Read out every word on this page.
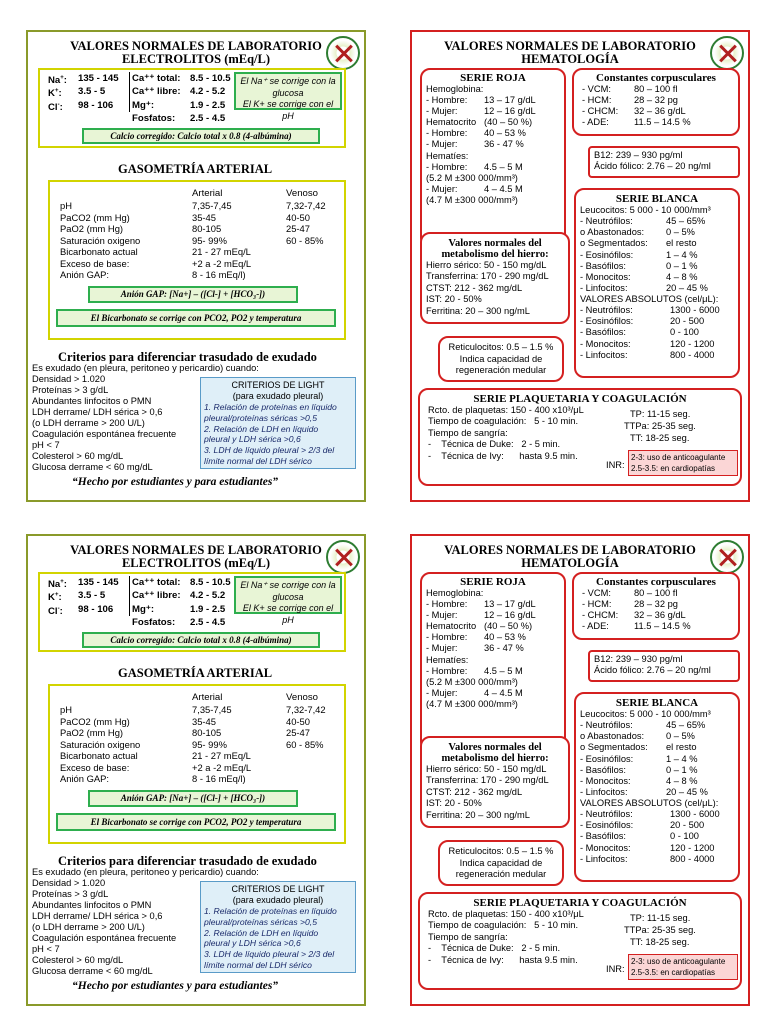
VALORES NORMALES DE LABORATORIO
ELECTROLITOS (mEq/L)
Na+: 135 - 145
K+: 3.5 - 5
Cl-: 98 - 106
Ca⁺⁺ total: 8.5 - 10.5
Ca⁺⁺ libre: 4.2 - 5.2
Mg⁺:	1.9 - 2.5
Fosfatos: 2.5 - 4.5
El Na⁺ se corrige con la glucosa
El K+ se corrige con el pH
Calcio corregido: Calcio total x 0.8 (4-albúmina)
GASOMETRÍA ARTERIAL
Arterial	Venoso
pH	7,35-7,45	7,32-7,42
PaCO2 (mm Hg)	35-45	40-50
PaO2 (mm Hg)	80-105	25-47
Saturación oxigeno	95- 99%	60 - 85%
Bicarbonato actual	21 - 27 mEq/L
Exceso de base:	+2 a -2 mEq/L
Anión GAP:	8 - 16 mEq/l)
Anión GAP: [Na+] – ([Cl-] + [HCO₃-])
El Bicarbonato se corrige con PCO2, PO2 y temperatura
Criterios para diferenciar trasudado de exudado
Es exudado (en pleura, peritoneo y pericardio) cuando:
Densidad > 1.020
Proteínas > 3 g/dL
Abundantes linfocitos o PMN
LDH derrame/ LDH sérica > 0,6
(o LDH derrame > 200 U/L)
Coagulación espontánea frecuente
pH < 7
Colesterol > 60 mg/dL
Glucosa derrame < 60 mg/dL
CRITERIOS DE LIGHT
(para exudado pleural)
1. Relación de proteínas en líquido
pleural/proteínas séricas >0,5
2. Relación de LDH en líquido
pleural y LDH sérica >0,6
3. LDH de líquido pleural > 2/3 del
límite normal del LDH sérico
VALORES NORMALES DE LABORATORIO
HEMATOLOGÍA
SERIE ROJA
Hemoglobina:
- Hombre:	13 – 17 g/dL
- Mujer:	12 – 16 g/dL
Hematocrito (40 – 50 %)
- Hombre:	40 – 53 %
- Mujer:	36 - 47 %
Hematíes:
- Hombre:	4.5 – 5 M
(5.2 M ±300 000/mm³)
- Mujer:	4 – 4.5 M
(4.7 M ±300 000/mm³)
Constantes corpusculares
- VCM:	80 – 100 fl
- HCM:	28 – 32 pg
- CHCM:	32 – 36 g/dL
- ADE:	11.5 – 14.5 %
B12: 239 – 930 pg/ml
Ácido fólico: 2.76 – 20 ng/ml
Valores normales del
metabolismo del hierro:
Hierro sérico: 50 - 150 mg/dL
Transferrina: 170 - 290 mg/dL
CTST: 212 - 362 mg/dL
IST: 20 - 50%
Ferritina: 20 – 300 ng/mL
SERIE BLANCA
Leucocitos: 5 000 - 10 000/mm³
- Neutrófilos:	45 – 65%
o Abastonados:	0 – 5%
o Segmentados:	el resto
- Eosinófilos:	1 – 4 %
- Basófilos:	0 – 1 %
- Monocitos:	4 – 8 %
- Linfocitos:	20 – 45 %
VALORES ABSOLUTOS (cel/μL):
- Neutrófilos:	1300 - 6000
- Eosinófilos:	20 - 500
- Basófilos:	0 - 100
- Monocitos:	120 - 1200
- Linfocitos:	800 - 4000
Reticulocitos: 0.5 – 1.5 %
Indica capacidad de
regeneración medular
SERIE PLAQUETARIA Y COAGULACIÓN
Rcto. de plaquetas: 150 - 400 x10³/μL
Tiempo de coagulación:   5 - 10 min.
Tiempo de sangría:
-    Técnica de Duke:   2 - 5 min.
-    Técnica de Ivy:      hasta 9.5 min.
TP: 11-15 seg.
TTPa: 25-35 seg.
TT: 18-25 seg.
INR:
2-3: uso de anticoagulante
2.5-3.5: en cardiopatías
VALORES NORMALES DE LABORATORIO
ELECTROLITOS (mEq/L)
Na+: 135 - 145
K+: 3.5 - 5
Cl-: 98 - 106
Ca⁺⁺ total: 8.5 - 10.5
Ca⁺⁺ libre: 4.2 - 5.2
Mg⁺:	1.9 - 2.5
Fosfatos: 2.5 - 4.5
El Na⁺ se corrige con la glucosa
El K+ se corrige con el pH
Calcio corregido: Calcio total x 0.8 (4-albúmina)
GASOMETRÍA ARTERIAL
Arterial	Venoso
pH	7,35-7,45	7,32-7,42
PaCO2 (mm Hg)	35-45	40-50
PaO2 (mm Hg)	80-105	25-47
Saturación oxigeno	95- 99%	60 - 85%
Bicarbonato actual	21 - 27 mEq/L
Exceso de base:	+2 a -2 mEq/L
Anión GAP:	8 - 16 mEq/l)
Anión GAP: [Na+] – ([Cl-] + [HCO₃-])
El Bicarbonato se corrige con PCO2, PO2 y temperatura
Criterios para diferenciar trasudado de exudado
Es exudado (en pleura, peritoneo y pericardio) cuando:
Densidad > 1.020
Proteínas > 3 g/dL
Abundantes linfocitos o PMN
LDH derrame/ LDH sérica > 0,6
(o LDH derrame > 200 U/L)
Coagulación espontánea frecuente
pH < 7
Colesterol > 60 mg/dL
Glucosa derrame < 60 mg/dL
CRITERIOS DE LIGHT
(para exudado pleural)
1. Relación de proteínas en líquido
pleural/proteínas séricas >0,5
2. Relación de LDH en líquido
pleural y LDH sérica >0,6
3. LDH de líquido pleural > 2/3 del
límite normal del LDH sérico
VALORES NORMALES DE LABORATORIO
HEMATOLOGÍA
SERIE ROJA
Hemoglobina:
- Hombre:	13 – 17 g/dL
- Mujer:	12 – 16 g/dL
Hematocrito (40 – 50 %)
- Hombre:	40 – 53 %
- Mujer:	36 - 47 %
Hematíes:
- Hombre:	4.5 – 5 M
(5.2 M ±300 000/mm³)
- Mujer:	4 – 4.5 M
(4.7 M ±300 000/mm³)
Constantes corpusculares
- VCM:	80 – 100 fl
- HCM:	28 – 32 pg
- CHCM:	32 – 36 g/dL
- ADE:	11.5 – 14.5 %
B12: 239 – 930 pg/ml
Ácido fólico: 2.76 – 20 ng/ml
Valores normales del
metabolismo del hierro:
Hierro sérico: 50 - 150 mg/dL
Transferrina: 170 - 290 mg/dL
CTST: 212 - 362 mg/dL
IST: 20 - 50%
Ferritina: 20 – 300 ng/mL
SERIE BLANCA
Leucocitos: 5 000 - 10 000/mm³
- Neutrófilos:	45 – 65%
o Abastonados:	0 – 5%
o Segmentados:	el resto
- Eosinófilos:	1 – 4 %
- Basófilos:	0 – 1 %
- Monocitos:	4 – 8 %
- Linfocitos:	20 – 45 %
VALORES ABSOLUTOS (cel/μL):
- Neutrófilos:	1300 - 6000
- Eosinófilos:	20 - 500
- Basófilos:	0 - 100
- Monocitos:	120 - 1200
- Linfocitos:	800 - 4000
Reticulocitos: 0.5 – 1.5 %
Indica capacidad de
regeneración medular
SERIE PLAQUETARIA Y COAGULACIÓN
Rcto. de plaquetas: 150 - 400 x10³/μL
Tiempo de coagulación:   5 - 10 min.
Tiempo de sangría:
-    Técnica de Duke:   2 - 5 min.
-    Técnica de Ivy:      hasta 9.5 min.
TP: 11-15 seg.
TTPa: 25-35 seg.
TT: 18-25 seg.
INR:
2-3: uso de anticoagulante
2.5-3.5: en cardiopatías
“Hecho por estudiantes y para estudiantes”
“Hecho por estudiantes y para estudiantes”
